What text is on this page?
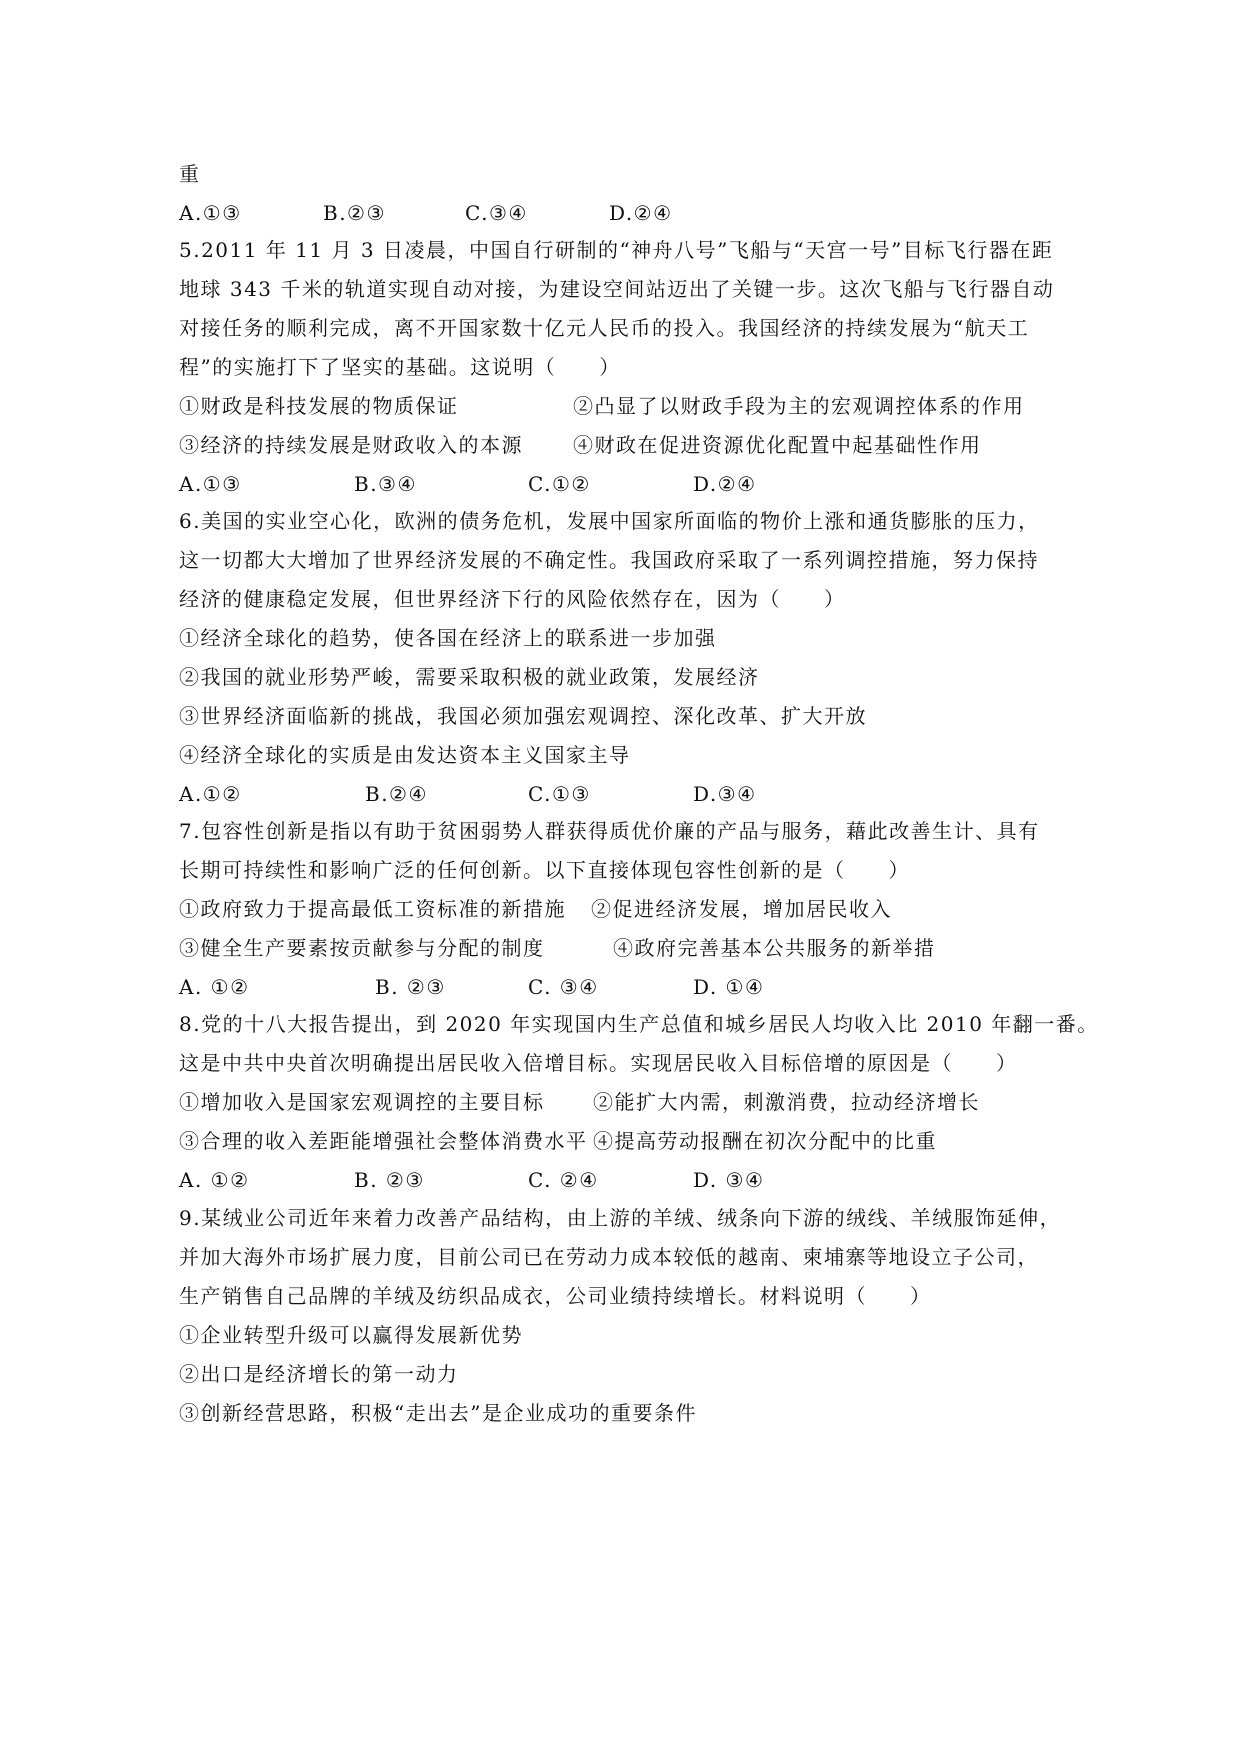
重
A.①③	B.②③	C.③④	D.②④
5.2011 年 11 月 3 日凌晨，中国自行研制的“神舟八号”飞船与“天宫一号”目标飞行器在距
地球 343 千米的轨道实现自动对接，为建设空间站迈出了关键一步。这次飞船与飞行器自动
对接任务的顺利完成，离不开国家数十亿元人民币的投入。我国经济的持续发展为“航天工
程”的实施打下了坚实的基础。这说明（　　）
①财政是科技发展的物质保证	②凸显了以财政手段为主的宏观调控体系的作用
③经济的持续发展是财政收入的本源	④财政在促进资源优化配置中起基础性作用
A.①③	B.③④	C.①②	D.②④
6.美国的实业空心化，欧洲的债务危机，发展中国家所面临的物价上涨和通货膨胀的压力，
这一切都大大增加了世界经济发展的不确定性。我国政府采取了一系列调控措施，努力保持
经济的健康稳定发展，但世界经济下行的风险依然存在，因为（　　）
①经济全球化的趋势，使各国在经济上的联系进一步加强
②我国的就业形势严峻，需要采取积极的就业政策，发展经济
③世界经济面临新的挑战，我国必须加强宏观调控、深化改革、扩大开放
④经济全球化的实质是由发达资本主义国家主导
A.①②	B.②④	C.①③	D.③④
7.包容性创新是指以有助于贫困弱势人群获得质优价廉的产品与服务，藉此改善生计、具有
长期可持续性和影响广泛的任何创新。以下直接体现包容性创新的是（　　）
①政府致力于提高最低工资标准的新措施 ②促进经济发展，增加居民收入
③健全生产要素按贡献参与分配的制度	④政府完善基本公共服务的新举措
A. ①②	B. ②③	C. ③④	D. ①④
8.党的十八大报告提出，到 2020 年实现国内生产总值和城乡居民人均收入比 2010 年翻一番。
这是中共中央首次明确提出居民收入倍增目标。实现居民收入目标倍增的原因是（　　）
①增加收入是国家宏观调控的主要目标 ②能扩大内需，刺激消费，拉动经济增长
③合理的收入差距能增强社会整体消费水平 ④提高劳动报酬在初次分配中的比重
A. ①②	B. ②③	C. ②④	D. ③④
9.某绒业公司近年来着力改善产品结构，由上游的羊绒、绒条向下游的绒线、羊绒服饰延伸，
并加大海外市场扩展力度，目前公司已在劳动力成本较低的越南、柬埔寨等地设立子公司，
生产销售自己品牌的羊绒及纺织品成衣，公司业绩持续增长。材料说明（　　）
①企业转型升级可以赢得发展新优势
②出口是经济增长的第一动力
③创新经营思路，积极“走出去”是企业成功的重要条件
